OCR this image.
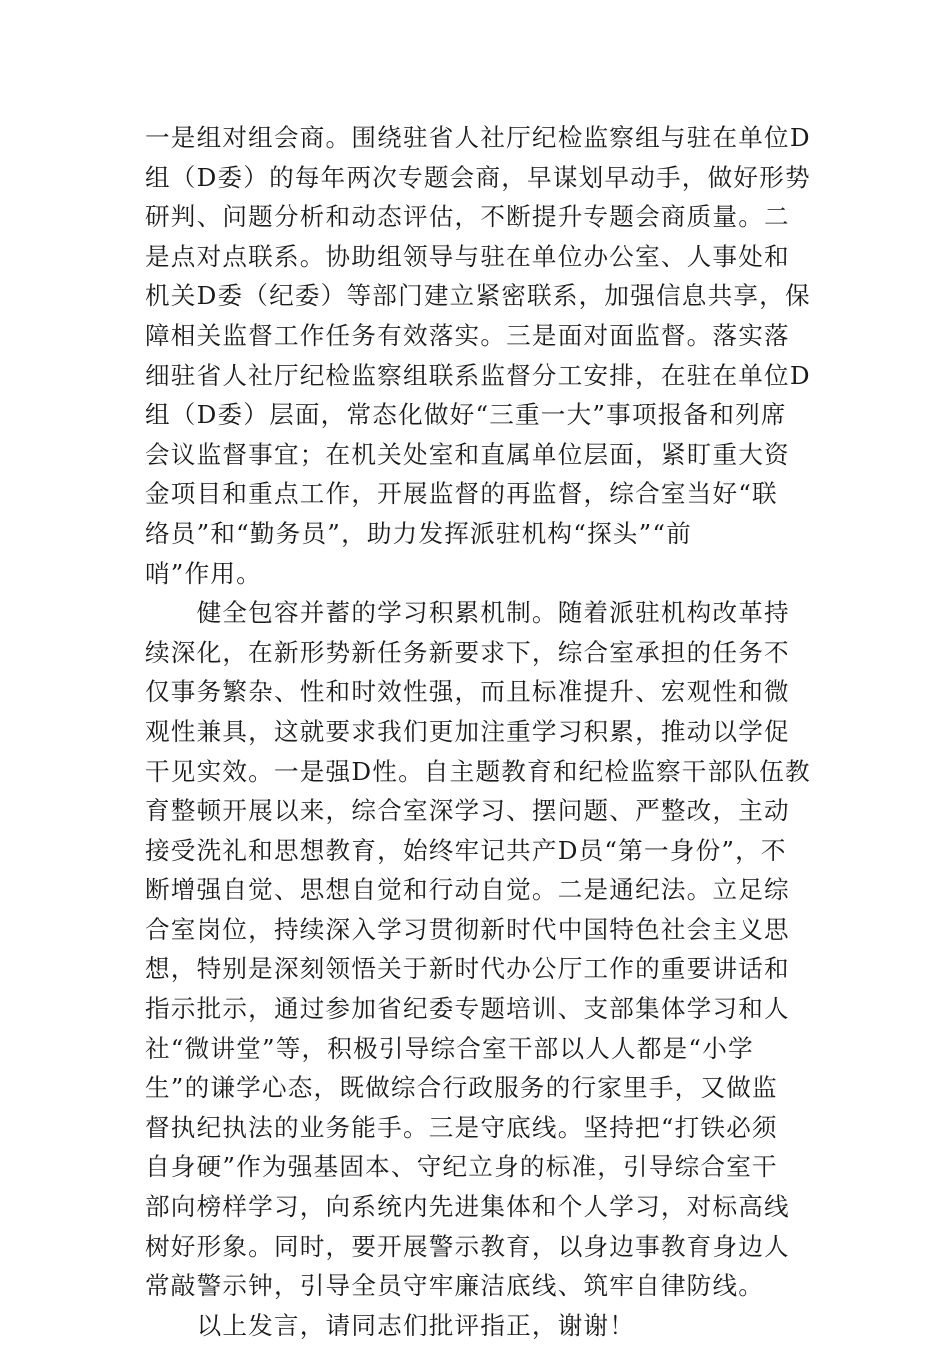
一是组对组会商。围绕驻省人社厅纪检监察组与驻在单位D
组（D委）的每年两次专题会商，早谋划早动手，做好形势
研判、问题分析和动态评估，不断提升专题会商质量。二
是点对点联系。协助组领导与驻在单位办公室、人事处和
机关D委（纪委）等部门建立紧密联系，加强信息共享，保
障相关监督工作任务有效落实。三是面对面监督。落实落
细驻省人社厅纪检监察组联系监督分工安排，在驻在单位D
组（D委）层面，常态化做好“三重一大”事项报备和列席
会议监督事宜；在机关处室和直属单位层面，紧盯重大资
金项目和重点工作，开展监督的再监督，综合室当好“联
络员”和“勤务员”，助力发挥派驻机构“探头”“前
哨”作用。
　　健全包容并蓄的学习积累机制。随着派驻机构改革持
续深化，在新形势新任务新要求下，综合室承担的任务不
仅事务繁杂、性和时效性强，而且标准提升、宏观性和微
观性兼具，这就要求我们更加注重学习积累，推动以学促
干见实效。一是强D性。自主题教育和纪检监察干部队伍教
育整顿开展以来，综合室深学习、摆问题、严整改，主动
接受洗礼和思想教育，始终牢记共产D员“第一身份”，不
断增强自觉、思想自觉和行动自觉。二是通纪法。立足综
合室岗位，持续深入学习贯彻新时代中国特色社会主义思
想，特别是深刻领悟关于新时代办公厅工作的重要讲话和
指示批示，通过参加省纪委专题培训、支部集体学习和人
社“微讲堂”等，积极引导综合室干部以人人都是“小学
生”的谦学心态，既做综合行政服务的行家里手，又做监
督执纪执法的业务能手。三是守底线。坚持把“打铁必须
自身硬”作为强基固本、守纪立身的标准，引导综合室干
部向榜样学习，向系统内先进集体和个人学习，对标高线
树好形象。同时，要开展警示教育，以身边事教育身边人
常敲警示钟，引导全员守牢廉洁底线、筑牢自律防线。
　　以上发言，请同志们批评指正，谢谢！
